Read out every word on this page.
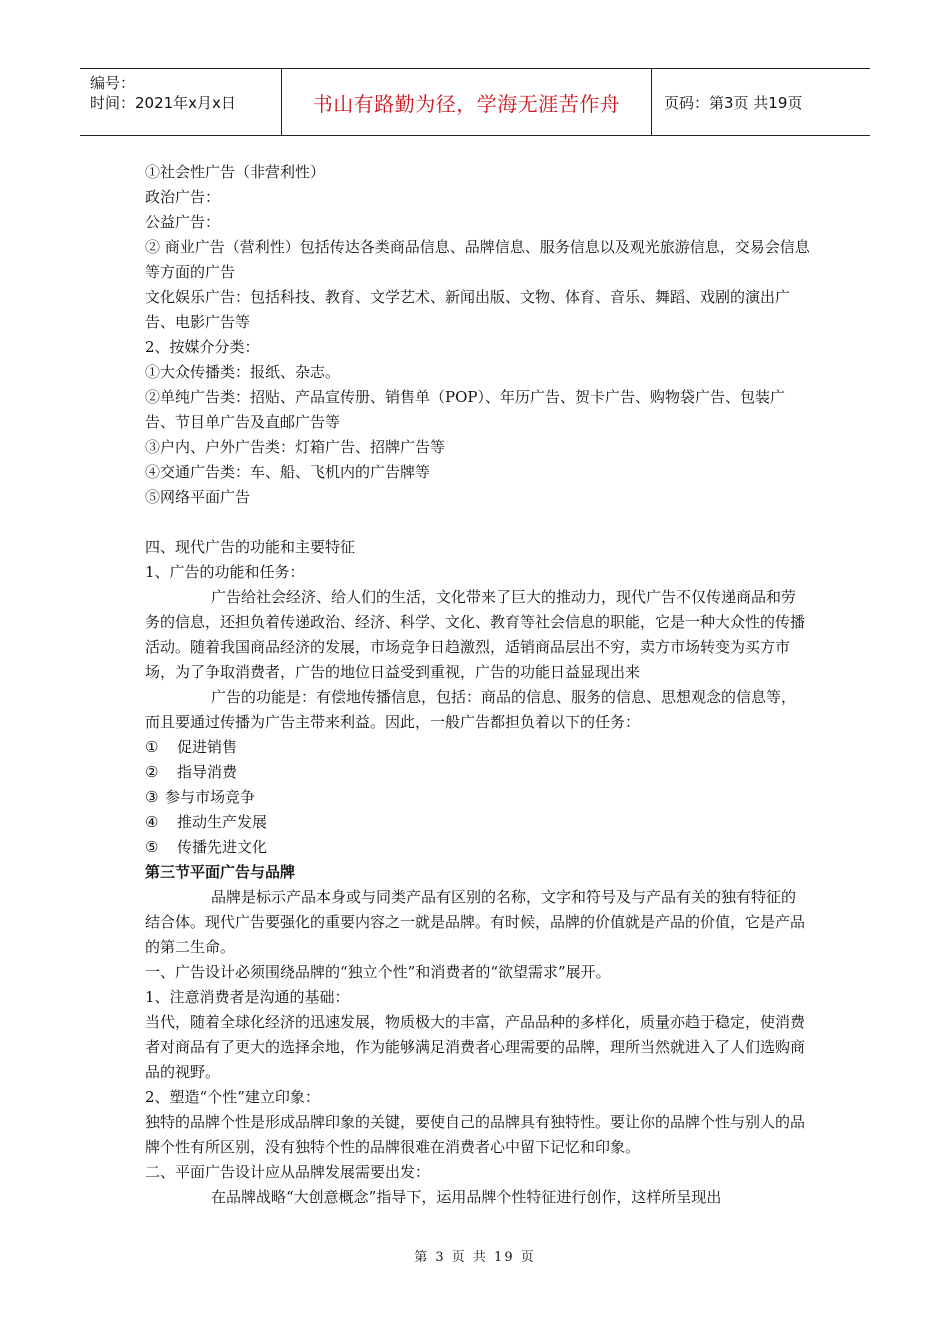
编号：
时间：2021年x月x日	书山有路勤为径，学海无涯苦作舟	页码：第3页 共19页

①社会性广告（非营利性）

政治广告：

公益广告：

② 商业广告（营利性）包括传达各类商品信息、品牌信息、服务信息以及观光旅游信息，交易会信息等方面的广告

文化娱乐广告：包括科技、教育、文学艺术、新闻出版、文物、体育、音乐、舞蹈、戏剧的演出广告、电影广告等

2、按媒介分类：

①大众传播类：报纸、杂志。

②单纯广告类：招贴、产品宣传册、销售单（POP）、年历广告、贺卡广告、购物袋广告、包装广告、节目单广告及直邮广告等

③户内、户外广告类：灯箱广告、招牌广告等

④交通广告类：车、船、飞机内的广告牌等

⑤网络平面广告

四、现代广告的功能和主要特征

1、广告的功能和任务：

广告给社会经济、给人们的生活，文化带来了巨大的推动力，现代广告不仅传递商品和劳务的信息，还担负着传递政治、经济、科学、文化、教育等社会信息的职能，它是一种大众性的传播活动。随着我国商品经济的发展，市场竞争日趋激烈，适销商品层出不穷，卖方市场转变为买方市场，为了争取消费者，广告的地位日益受到重视，广告的功能日益显现出来

广告的功能是：有偿地传播信息，包括：商品的信息、服务的信息、思想观念的信息等，而且要通过传播为广告主带来利益。因此，一般广告都担负着以下的任务：

① 促进销售

② 指导消费

③ 参与市场竞争

④ 推动生产发展

⑤ 传播先进文化

第三节平面广告与品牌

品牌是标示产品本身或与同类产品有区别的名称，文字和符号及与产品有关的独有特征的结合体。现代广告要强化的重要内容之一就是品牌。有时候，品牌的价值就是产品的价值，它是产品的第二生命。

一、广告设计必须围绕品牌的“独立个性”和消费者的“欲望需求”展开。

1、注意消费者是沟通的基础：

当代，随着全球化经济的迅速发展，物质极大的丰富，产品品种的多样化，质量亦趋于稳定，使消费者对商品有了更大的选择余地，作为能够满足消费者心理需要的品牌，理所当然就进入了人们选购商品的视野。

2、塑造“个性”建立印象：

独特的品牌个性是形成品牌印象的关键，要使自己的品牌具有独特性。要让你的品牌个性与别人的品牌个性有所区别，没有独特个性的品牌很难在消费者心中留下记忆和印象。

二、平面广告设计应从品牌发展需要出发：

在品牌战略“大创意概念”指导下，运用品牌个性特征进行创作，这样所呈现出

第 3 页 共 19 页
